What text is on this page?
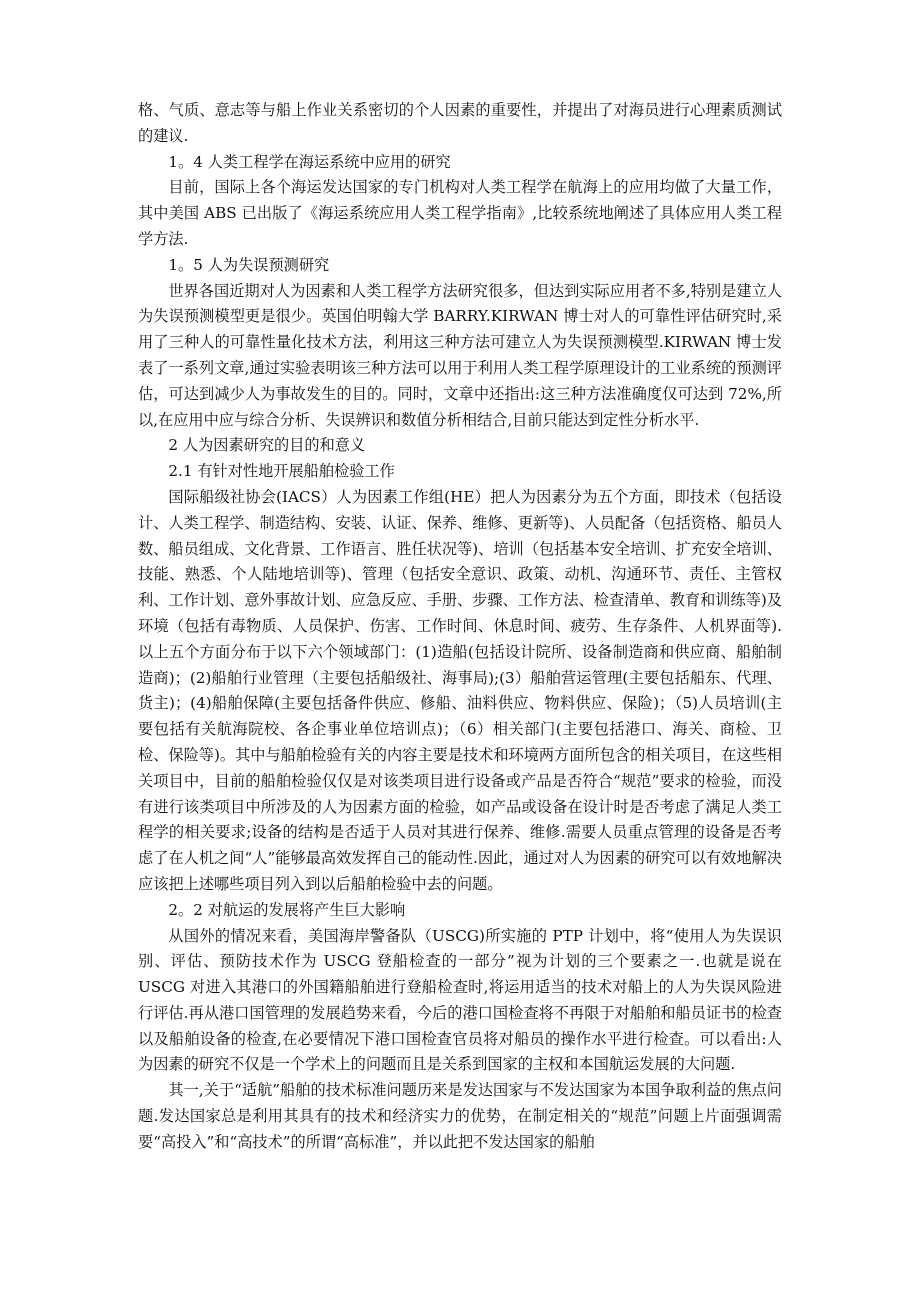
格、气质、意志等与船上作业关系密切的个人因素的重要性，并提出了对海员进行心理素质测试的建议.

1。4 人类工程学在海运系统中应用的研究

目前，国际上各个海运发达国家的专门机构对人类工程学在航海上的应用均做了大量工作，其中美国 ABS 已出版了《海运系统应用人类工程学指南》,比较系统地阐述了具体应用人类工程学方法.

1。5 人为失误预测研究

世界各国近期对人为因素和人类工程学方法研究很多，但达到实际应用者不多,特别是建立人为失误预测模型更是很少。英国伯明翰大学 BARRY.KIRWAN 博士对人的可靠性评估研究时,采用了三种人的可靠性量化技术方法，利用这三种方法可建立人为失误预测模型.KIRWAN 博士发表了一系列文章,通过实验表明该三种方法可以用于利用人类工程学原理设计的工业系统的预测评估，可达到减少人为事故发生的目的。同时，文章中还指出:这三种方法准确度仅可达到 72%,所以,在应用中应与综合分析、失误辨识和数值分析相结合,目前只能达到定性分析水平.

2 人为因素研究的目的和意义
2.1 有针对性地开展船舶检验工作

国际船级社协会(IACS）人为因素工作组(HE）把人为因素分为五个方面，即技术（包括设计、人类工程学、制造结构、安装、认证、保养、维修、更新等)、人员配备（包括资格、船员人数、船员组成、文化背景、工作语言、胜任状况等)、培训（包括基本安全培训、扩充安全培训、技能、熟悉、个人陆地培训等)、管理（包括安全意识、政策、动机、沟通环节、责任、主管权利、工作计划、意外事故计划、应急反应、手册、步骤、工作方法、检查清单、教育和训练等)及环境（包括有毒物质、人员保护、伤害、工作时间、休息时间、疲劳、生存条件、人机界面等).以上五个方面分布于以下六个领域部门：(1)造船(包括设计院所、设备制造商和供应商、船舶制造商)；(2)船舶行业管理（主要包括船级社、海事局);(3）船舶营运管理(主要包括船东、代理、货主)；(4)船舶保障(主要包括备件供应、修船、油料供应、物料供应、保险)；（5)人员培训(主要包括有关航海院校、各企事业单位培训点)；（6）相关部门(主要包括港口、海关、商检、卫检、保险等)。其中与船舶检验有关的内容主要是技术和环境两方面所包含的相关项目，在这些相关项目中，目前的船舶检验仅仅是对该类项目进行设备或产品是否符合“规范”要求的检验，而没有进行该类项目中所涉及的人为因素方面的检验，如产品或设备在设计时是否考虑了满足人类工程学的相关要求;设备的结构是否适于人员对其进行保养、维修.需要人员重点管理的设备是否考虑了在人机之间“人”能够最高效发挥自己的能动性.因此，通过对人为因素的研究可以有效地解决应该把上述哪些项目列入到以后船舶检验中去的问题。

2。2 对航运的发展将产生巨大影响

从国外的情况来看，美国海岸警备队（USCG)所实施的 PTP 计划中，将“使用人为失误识别、评估、预防技术作为 USCG 登船检查的一部分”视为计划的三个要素之一.也就是说在 USCG 对进入其港口的外国籍船舶进行登船检查时,将运用适当的技术对船上的人为失误风险进行评估.再从港口国管理的发展趋势来看，今后的港口国检查将不再限于对船舶和船员证书的检查以及船舶设备的检查,在必要情况下港口国检查官员将对船员的操作水平进行检查。可以看出:人为因素的研究不仅是一个学术上的问题而且是关系到国家的主权和本国航运发展的大问题.

其一,关于“适航”船舶的技术标准问题历来是发达国家与不发达国家为本国争取利益的焦点问题.发达国家总是利用其具有的技术和经济实力的优势，在制定相关的“规范”问题上片面强调需要“高投入”和“高技术”的所谓“高标准”，并以此把不发达国家的船舶
